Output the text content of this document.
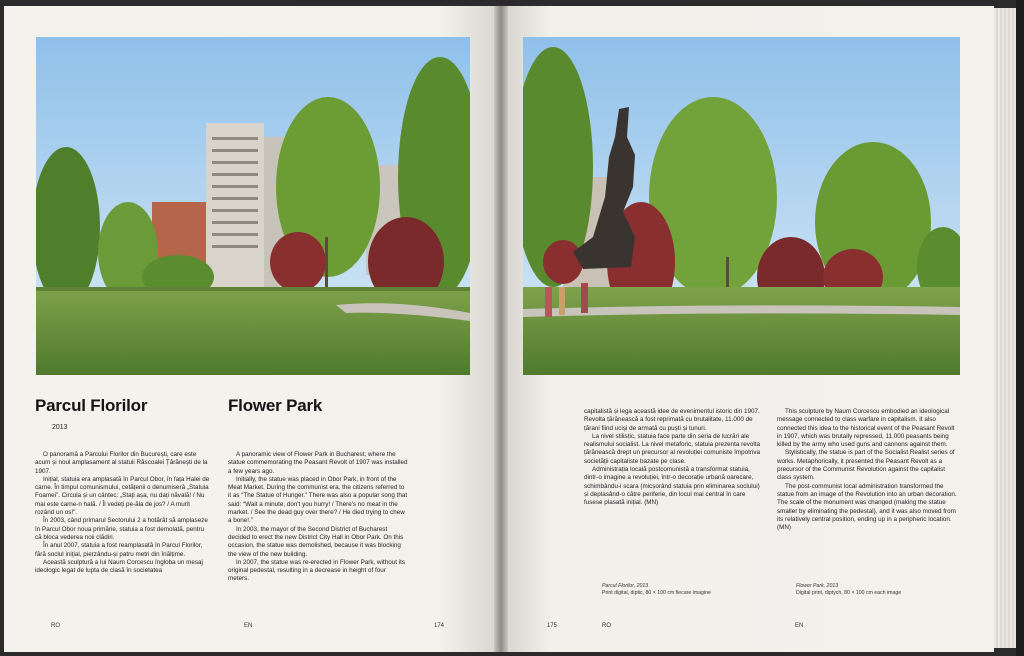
Parcul Florilor
2013
Flower Park

O panoramă a Parcului Florilor din București, care este acum și noul amplasament al statuii Răscoalei Țărănești de la 1907.

Inițial, statuia era amplasată în Parcul Obor, în fața Halei de carne. În timpul comunismului, cetățenii o denumiseră „Statuia Foamei”. Circula și un cântec: „Stați așa, nu dați năvală! / Nu mai este carne-n hală. / Îl vedeți pe-ăla de jos? / A murit rozând un os!”.

În 2003, când primarul Sectorului 2 a hotărât să amplaseze în Parcul Obor noua primărie, statuia a fost demolată, pentru că bloca vederea noii clădiri.

În anul 2007, statuia a fost reamplasată în Parcul Florilor, fără soclul inițial, pierzându-și patru metri din înălțime.

Această sculptură a lui Naum Corcescu îngloba un mesaj ideologic legat de lupta de clasă în societatea

A panoramic view of Flower Park in Bucharest, where the statue commemorating the Peasant Revolt of 1907 was installed a few years ago.

Initially, the statue was placed in Obor Park, in front of the Meat Market. During the communist era, the citizens referred to it as “The Statue of Hunger.” There was also a popular song that said: “Wait a minute, don't you hurry! / There's no meat in the market. / See the dead guy over there? / He died trying to chew a bone!.”

In 2003, the mayor of the Second District of Bucharest decided to erect the new District City Hall in Obor Park. On this occasion, the statue was demolished, because it was blocking the view of the new building.

In 2007, the statue was re-erected in Flower Park, without its original pedestal, resulting in a decrease in height of four meters.

RO	EN	174

capitalistă și lega această idee de evenimentul istoric din 1907. Revolta țărănească a fost reprimată cu brutalitate, 11.000 de țărani fiind uciși de armată cu puști și tunuri.

La nivel stilistic, statuia face parte din seria de lucrări ale realismului socialist. La nivel metaforic, statuia prezenta revolta țărănească drept un precursor al revoluției comuniste împotriva societății capitaliste bazate pe clase.

Administrația locală postcomunistă a transformat statuia, dintr-o imagine a revoluției, într-o decorație urbană oarecare, schimbându-i scara (micșorând statuia prin eliminarea soclului) și deplasând-o către periferie, din locul mai central în care fusese plasată inițial. (MN)

This sculpture by Naum Corcescu embodied an ideological message connected to class warfare in capitalism. It also connected this idea to the historical event of the Peasant Revolt in 1907, which was brutally repressed, 11.000 peasants being killed by the army who used guns and cannons against them.

Stylistically, the statue is part of the Socialist Realist series of works. Metaphorically, it presented the Peasant Revolt as a precursor of the Communist Revolution against the capitalist class system.

The post-communist local administration transformed the statue from an image of the Revolution into an urban decoration. The scale of the monument was changed (making the statue smaller by eliminating the pedestal), and it was also moved from its relatively central position, ending up in a peripheric location. (MN)

Parcul Florilor, 2013
Print digital, diptic, 80 × 100 cm fiecare imagine
Flower Park, 2013
Digital print, diptych, 80 × 100 cm each image
175	RO	EN
